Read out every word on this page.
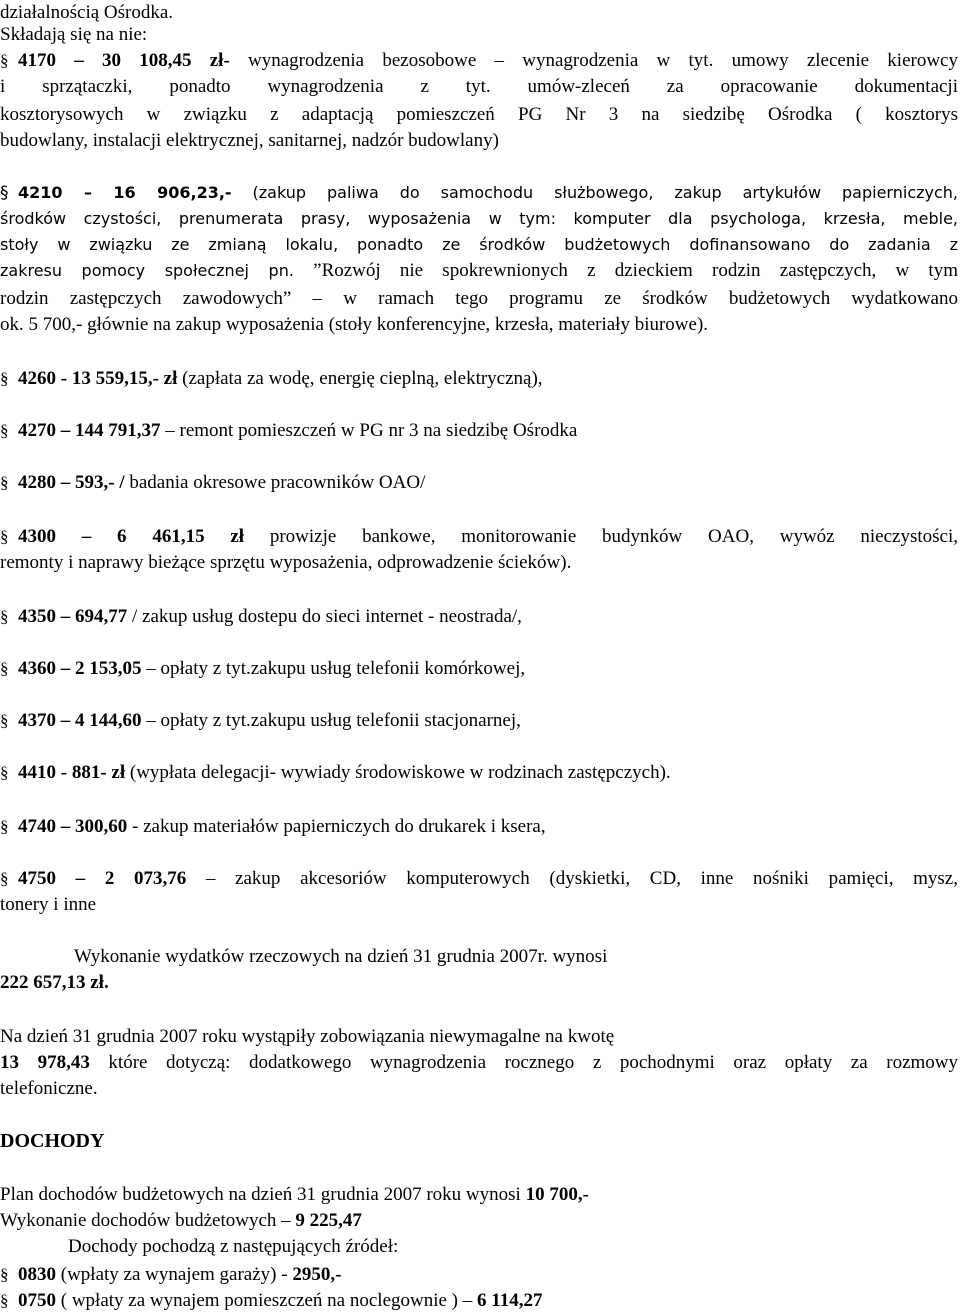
działalnością Ośrodka.
Składają się na nie:
§ 4170 – 30 108,45 zł- wynagrodzenia bezosobowe – wynagrodzenia w tyt. umowy zlecenie kierowcy
i sprzątaczki, ponadto wynagrodzenia z tyt. umów-zleceń za opracowanie dokumentacji
kosztorysowych w związku z adaptacją pomieszczeń PG Nr 3 na siedzibę Ośrodka ( kosztorys
budowlany, instalacji elektrycznej, sanitarnej, nadzór budowlany)
§ 4210 – 16 906,23,- (zakup paliwa do samochodu służbowego, zakup artykułów papierniczych,
środków czystości, prenumerata prasy, wyposażenia w tym: komputer dla psychologa, krzesła, meble,
stoły w związku ze zmianą lokalu, ponadto ze środków budżetowych dofinansowano do zadania z
zakresu pomocy społecznej pn. ”Rozwój nie spokrewnionych z dzieckiem rodzin zastępczych, w tym
rodzin zastępczych zawodowych” – w ramach tego programu ze środków budżetowych wydatkowano
ok. 5 700,- głównie na zakup wyposażenia (stoły konferencyjne, krzesła, materiały biurowe).
§ 4260 - 13 559,15,- zł (zapłata za wodę, energię cieplną, elektryczną),
§ 4270 – 144 791,37 – remont pomieszczeń w PG nr 3 na siedzibę Ośrodka
§ 4280 – 593,- / badania okresowe pracowników OAO/
§ 4300 – 6 461,15 zł prowizje bankowe, monitorowanie budynków OAO, wywóz nieczystości,
remonty i naprawy bieżące sprzętu wyposażenia, odprowadzenie ścieków).
§ 4350 – 694,77 / zakup usług dostepu do sieci internet - neostrada/,
§ 4360 – 2 153,05 – opłaty z tyt.zakupu usług telefonii komórkowej,
§ 4370 – 4 144,60 – opłaty z tyt.zakupu usług telefonii stacjonarnej,
§ 4410 - 881- zł (wypłata delegacji- wywiady środowiskowe w rodzinach zastępczych).
§ 4740 – 300,60 - zakup materiałów papierniczych do drukarek i ksera,
§ 4750 – 2 073,76 – zakup akcesoriów komputerowych (dyskietki, CD, inne nośniki pamięci, mysz,
tonery i inne
Wykonanie wydatków rzeczowych na dzień 31 grudnia 2007r. wynosi
222 657,13 zł.
Na dzień 31 grudnia 2007 roku wystąpiły zobowiązania niewymagalne na kwotę
13 978,43 które dotyczą: dodatkowego wynagrodzenia rocznego z pochodnymi oraz opłaty za rozmowy
telefoniczne.
DOCHODY
Plan dochodów budżetowych na dzień 31 grudnia 2007 roku wynosi 10 700,-
Wykonanie dochodów budżetowych – 9 225,47
Dochody pochodzą z następujących źródeł:
§ 0830 (wpłaty za wynajem garaży) - 2950,-
§ 0750 ( wpłaty za wynajem pomieszczeń na noclegownie ) – 6 114,27
